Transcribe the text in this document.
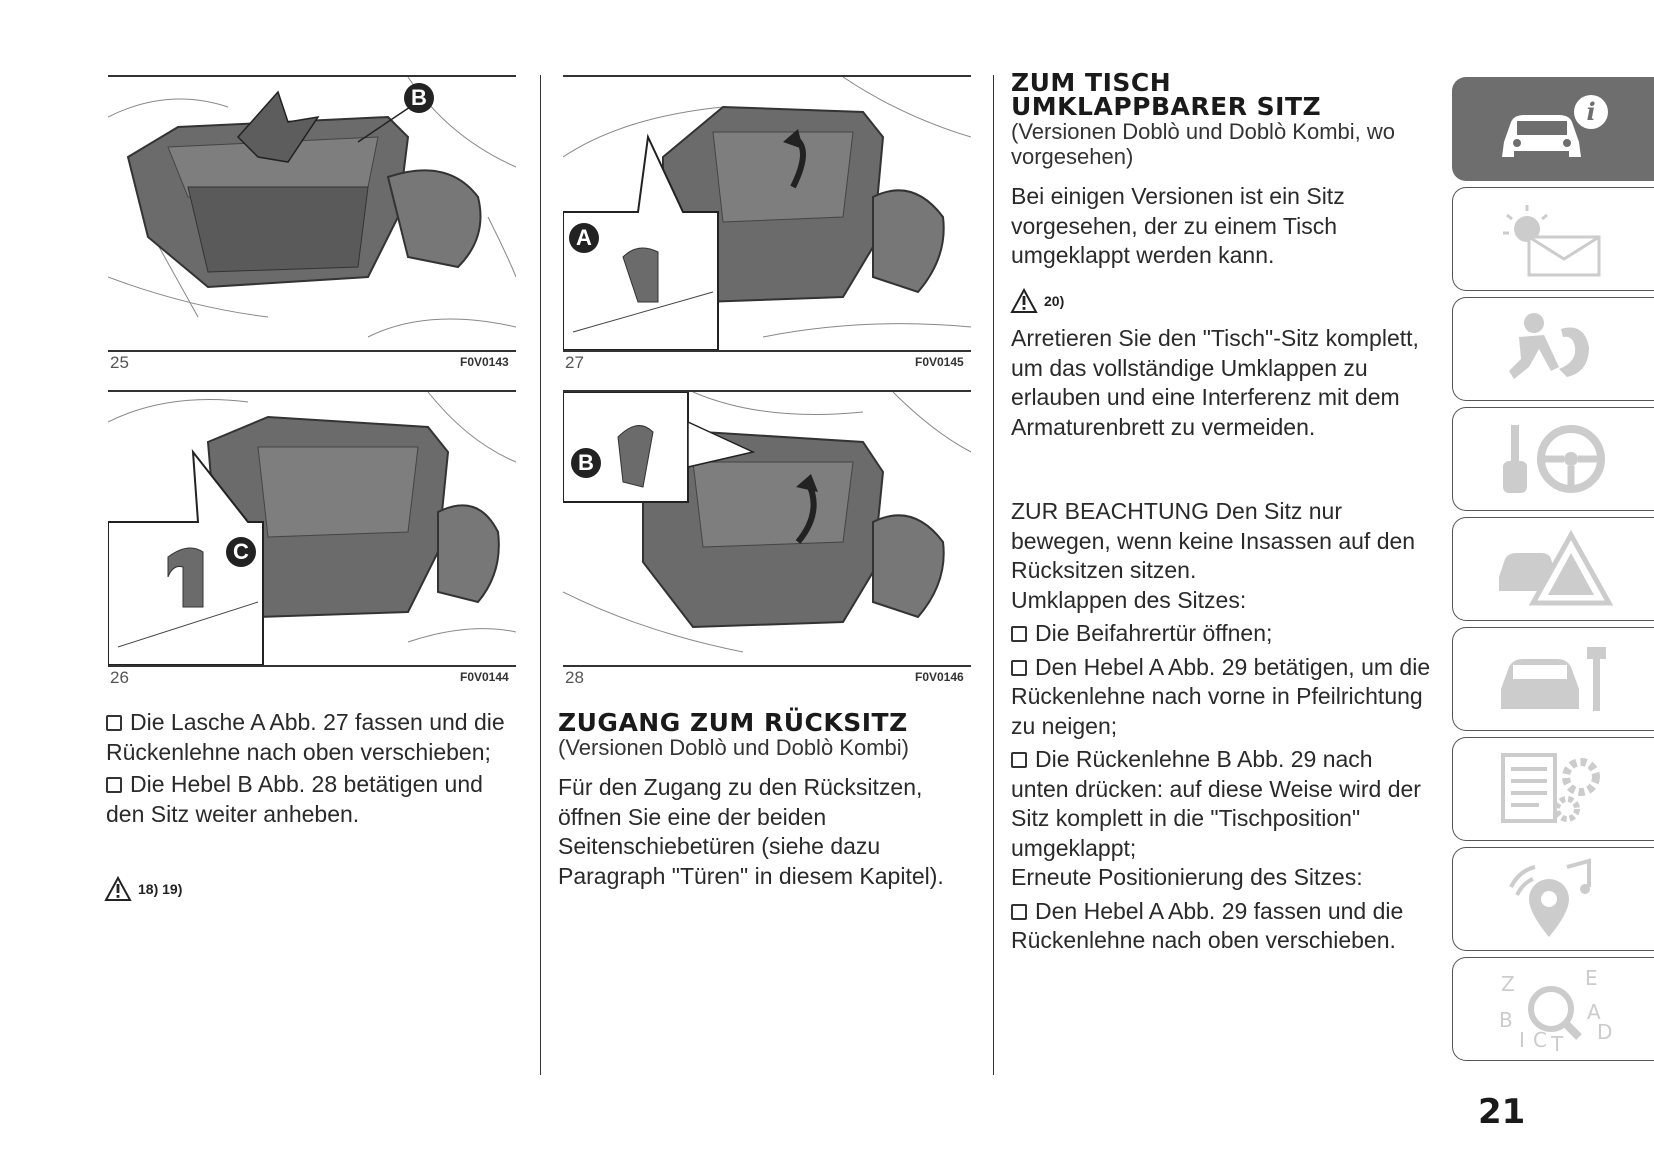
B
25	F0V0143
C
26	F0V0144
A
27	F0V0145
B
28	F0V0146

Die Lasche A Abb. 27 fassen und die Rückenlehne nach oben verschieben;

Die Hebel B Abb. 28 betätigen und den Sitz weiter anheben.

18) 19)
ZUGANG ZUM RÜCKSITZ
(Versionen Doblò und Doblò Kombi)

Für den Zugang zu den Rücksitzen, öffnen Sie eine der beiden Seitenschiebetüren (siehe dazu Paragraph "Türen" in diesem Kapitel).

ZUM TISCH
UMKLAPPBARER SITZ
(Versionen Doblò und Doblò Kombi, wo vorgesehen)

Bei einigen Versionen ist ein Sitz vorgesehen, der zu einem Tisch umgeklappt werden kann.

20)

Arretieren Sie den "Tisch"-Sitz komplett, um das vollständige Umklappen zu erlauben und eine Interferenz mit dem Armaturenbrett zu vermeiden.

ZUR BEACHTUNG Den Sitz nur bewegen, wenn keine Insassen auf den Rücksitzen sitzen.

Umklappen des Sitzes:

Die Beifahrertür öffnen;

Den Hebel A Abb. 29 betätigen, um die Rückenlehne nach vorne in Pfeilrichtung zu neigen;

Die Rückenlehne B Abb. 29 nach unten drücken: auf diese Weise wird der Sitz komplett in die "Tischposition" umgeklappt;

Erneute Positionierung des Sitzes:

Den Hebel A Abb. 29 fassen und die Rückenlehne nach oben verschieben.

i
Z	E
B	A
D
I C T
21
